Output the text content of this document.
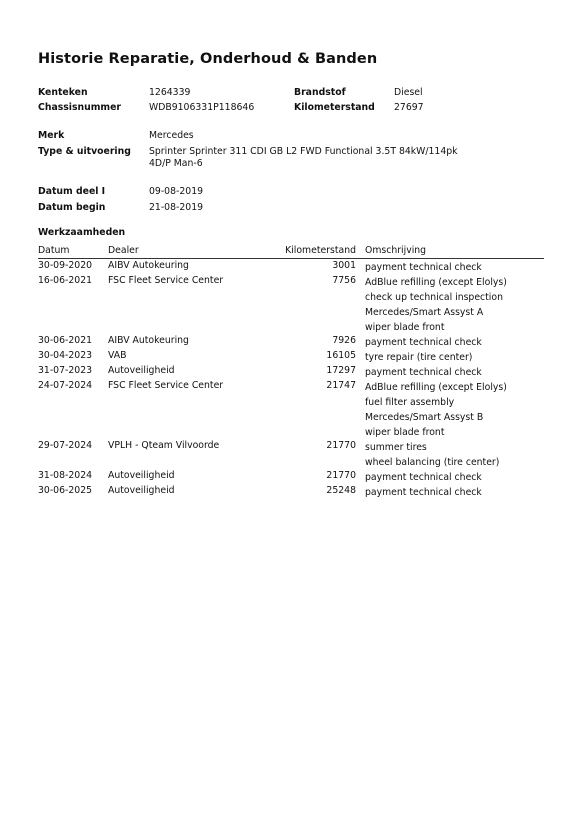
Historie Reparatie, Onderhoud & Banden
Kenteken	1264339	Brandstof	Diesel
Chassisnummer	WDB9106331P118646	Kilometerstand 27697
Merk	Mercedes
Type & uitvoering Sprinter Sprinter 311 CDI GB L2 FWD Functional 3.5T 84kW/114pk 4D/P Man-6
Datum deel I	09-08-2019
Datum begin	21-08-2019
Werkzaamheden
Datum	Dealer	Kilometerstand Omschrijving
30-09-2020 AIBV Autokeuring	3001 payment technical check
16-06-2021 FSC Fleet Service Center	7756 AdBlue refilling (except Elolys)
check up technical inspection
Mercedes/Smart Assyst A
wiper blade front
30-06-2021 AIBV Autokeuring	7926 payment technical check
30-04-2023 VAB	16105 tyre repair (tire center)
31-07-2023 Autoveiligheid	17297 payment technical check
24-07-2024 FSC Fleet Service Center	21747 AdBlue refilling (except Elolys)
fuel filter assembly
Mercedes/Smart Assyst B
wiper blade front
29-07-2024 VPLH - Qteam Vilvoorde	21770 summer tires
wheel balancing (tire center)
31-08-2024 Autoveiligheid	21770 payment technical check
30-06-2025 Autoveiligheid	25248 payment technical check
